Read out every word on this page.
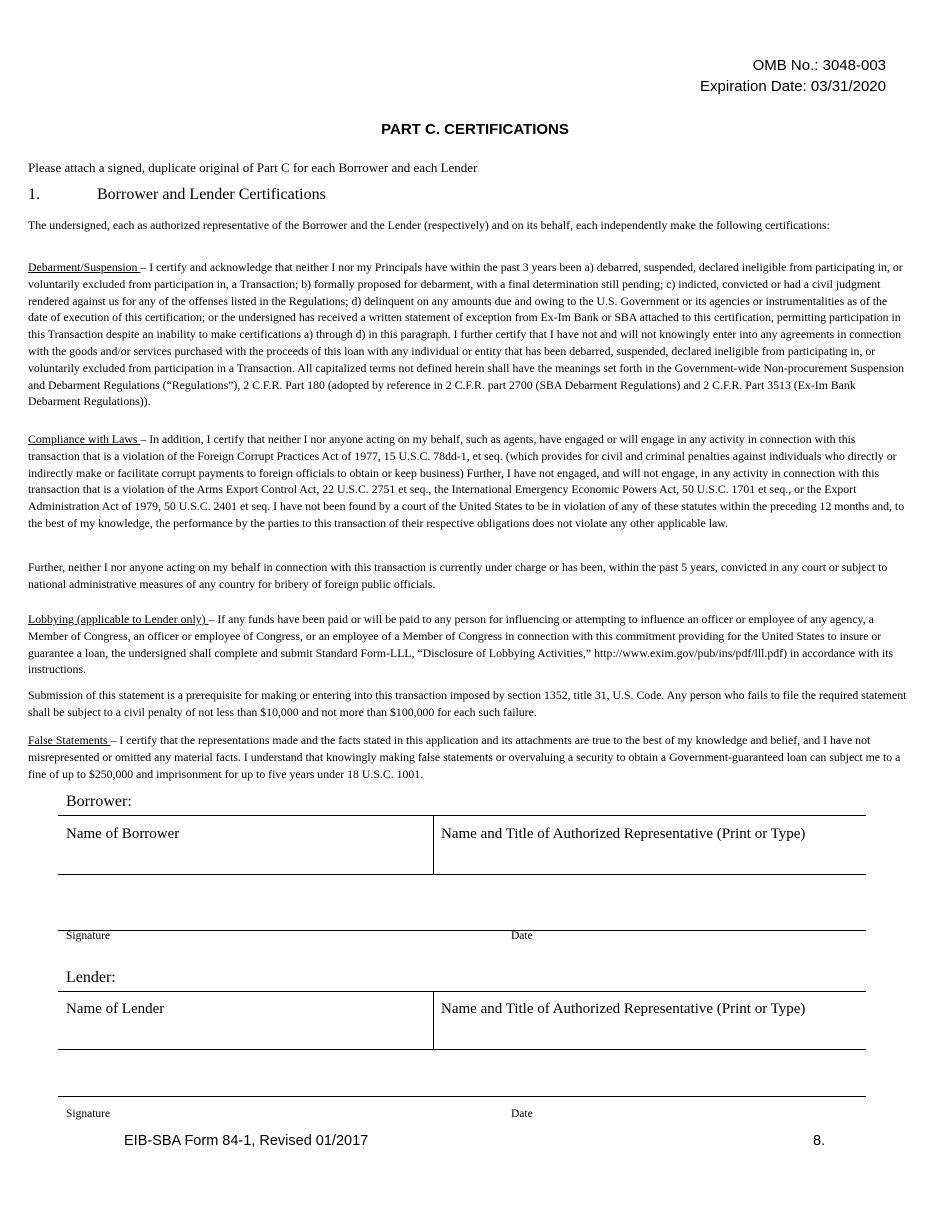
OMB No.: 3048-003
Expiration Date: 03/31/2020
PART C. CERTIFICATIONS
Please attach a signed, duplicate original of Part C for each Borrower and each Lender
1.	Borrower and Lender Certifications

The undersigned, each as authorized representative of the Borrower and the Lender (respectively) and on its behalf, each independently make the following certifications:

Debarment/Suspension – I certify and acknowledge that neither I nor my Principals have within the past 3 years been a) debarred, suspended, declared ineligible from participating in, or voluntarily excluded from participation in, a Transaction; b) formally proposed for debarment, with a final determination still pending; c) indicted, convicted or had a civil judgment rendered against us for any of the offenses listed in the Regulations; d) delinquent on any amounts due and owing to the U.S. Government or its agencies or instrumentalities as of the date of execution of this certification; or the undersigned has received a written statement of exception from Ex-Im Bank or SBA attached to this certification, permitting participation in this Transaction despite an inability to make certifications a) through d) in this paragraph. I further certify that I have not and will not knowingly enter into any agreements in connection with the goods and/or services purchased with the proceeds of this loan with any individual or entity that has been debarred, suspended, declared ineligible from participating in, or voluntarily excluded from participation in a Transaction. All capitalized terms not defined herein shall have the meanings set forth in the Government-wide Non-procurement Suspension and Debarment Regulations (“Regulations”), 2 C.F.R. Part 180 (adopted by reference in 2 C.F.R. part 2700 (SBA Debarment Regulations) and 2 C.F.R. Part 3513 (Ex-Im Bank Debarment Regulations)).

Compliance with Laws – In addition, I certify that neither I nor anyone acting on my behalf, such as agents, have engaged or will engage in any activity in connection with this transaction that is a violation of the Foreign Corrupt Practices Act of 1977, 15 U.S.C. 78dd-1, et seq. (which provides for civil and criminal penalties against individuals who directly or indirectly make or facilitate corrupt payments to foreign officials to obtain or keep business) Further, I have not engaged, and will not engage, in any activity in connection with this transaction that is a violation of the Arms Export Control Act, 22 U.S.C. 2751 et seq., the International Emergency Economic Powers Act, 50 U.S.C. 1701 et seq., or the Export Administration Act of 1979, 50 U.S.C. 2401 et seq. I have not been found by a court of the United States to be in violation of any of these statutes within the preceding 12 months and, to the best of my knowledge, the performance by the parties to this transaction of their respective obligations does not violate any other applicable law.

Further, neither I nor anyone acting on my behalf in connection with this transaction is currently under charge or has been, within the past 5 years, convicted in any court or subject to national administrative measures of any country for bribery of foreign public officials.

Lobbying (applicable to Lender only) – If any funds have been paid or will be paid to any person for influencing or attempting to influence an officer or employee of any agency, a Member of Congress, an officer or employee of Congress, or an employee of a Member of Congress in connection with this commitment providing for the United States to insure or guarantee a loan, the undersigned shall complete and submit Standard Form-LLL, “Disclosure of Lobbying Activities,” http://www.exim.gov/pub/ins/pdf/lll.pdf) in accordance with its instructions.

Submission of this statement is a prerequisite for making or entering into this transaction imposed by section 1352, title 31, U.S. Code. Any person who fails to file the required statement shall be subject to a civil penalty of not less than $10,000 and not more than $100,000 for each such failure.

False Statements – I certify that the representations made and the facts stated in this application and its attachments are true to the best of my knowledge and belief, and I have not misrepresented or omitted any material facts. I understand that knowingly making false statements or overvaluing a security to obtain a Government-guaranteed loan can subject me to a fine of up to $250,000 and imprisonment for up to five years under 18 U.S.C. 1001.

Borrower:
Name of Borrower	Name and Title of Authorized Representative (Print or Type)
Signature	Date
Lender:
Name of Lender	Name and Title of Authorized Representative (Print or Type)
Signature	Date
EIB-SBA Form 84-1, Revised 01/2017	8.
